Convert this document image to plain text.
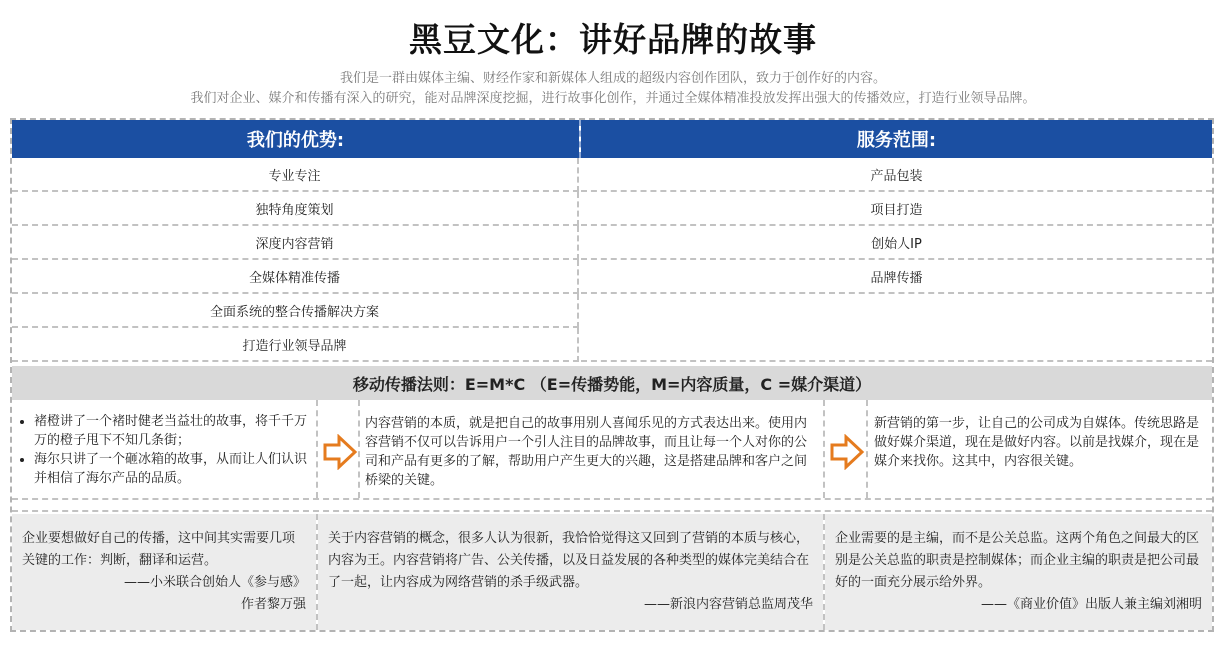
黑豆文化：讲好品牌的故事
我们是一群由媒体主编、财经作家和新媒体人组成的超级内容创作团队，致力于创作好的内容。
我们对企业、媒介和传播有深入的研究，能对品牌深度挖掘，进行故事化创作，并通过全媒体精准投放发挥出强大的传播效应，打造行业领导品牌。
我们的优势:	服务范围:
专业专注
独特角度策划
深度内容营销
全媒体精准传播
全面系统的整合传播解决方案
打造行业领导品牌
产品包装
项目打造
创始人IP
品牌传播
移动传播法则：E=M*C （E=传播势能，M=内容质量，C =媒介渠道）
• 褚橙讲了一个褚时健老当益壮的故事，将千千万万的橙子甩下不知几条街；
• 海尔只讲了一个砸冰箱的故事，从而让人们认识并相信了海尔产品的品质。

内容营销的本质，就是把自己的故事用别人喜闻乐见的方式表达出来。使用内容营销不仅可以告诉用户一个引人注目的品牌故事，而且让每一个人对你的公司和产品有更多的了解，帮助用户产生更大的兴趣，这是搭建品牌和客户之间桥梁的关键。

新营销的第一步，让自己的公司成为自媒体。传统思路是做好媒介渠道，现在是做好内容。以前是找媒介，现在是媒介来找你。这其中，内容很关键。

企业要想做好自己的传播，这中间其实需要几项关键的工作：判断，翻译和运营。
——小米联合创始人《参与感》
作者黎万强
关于内容营销的概念，很多人认为很新，我恰恰觉得这又回到了营销的本质与核心，内容为王。内容营销将广告、公关传播，以及日益发展的各种类型的媒体完美结合在了一起，让内容成为网络营销的杀手级武器。
——新浪内容营销总监周茂华
企业需要的是主编，而不是公关总监。这两个角色之间最大的区别是公关总监的职责是控制媒体；而企业主编的职责是把公司最好的一面充分展示给外界。
——《商业价值》出版人兼主编刘湘明
